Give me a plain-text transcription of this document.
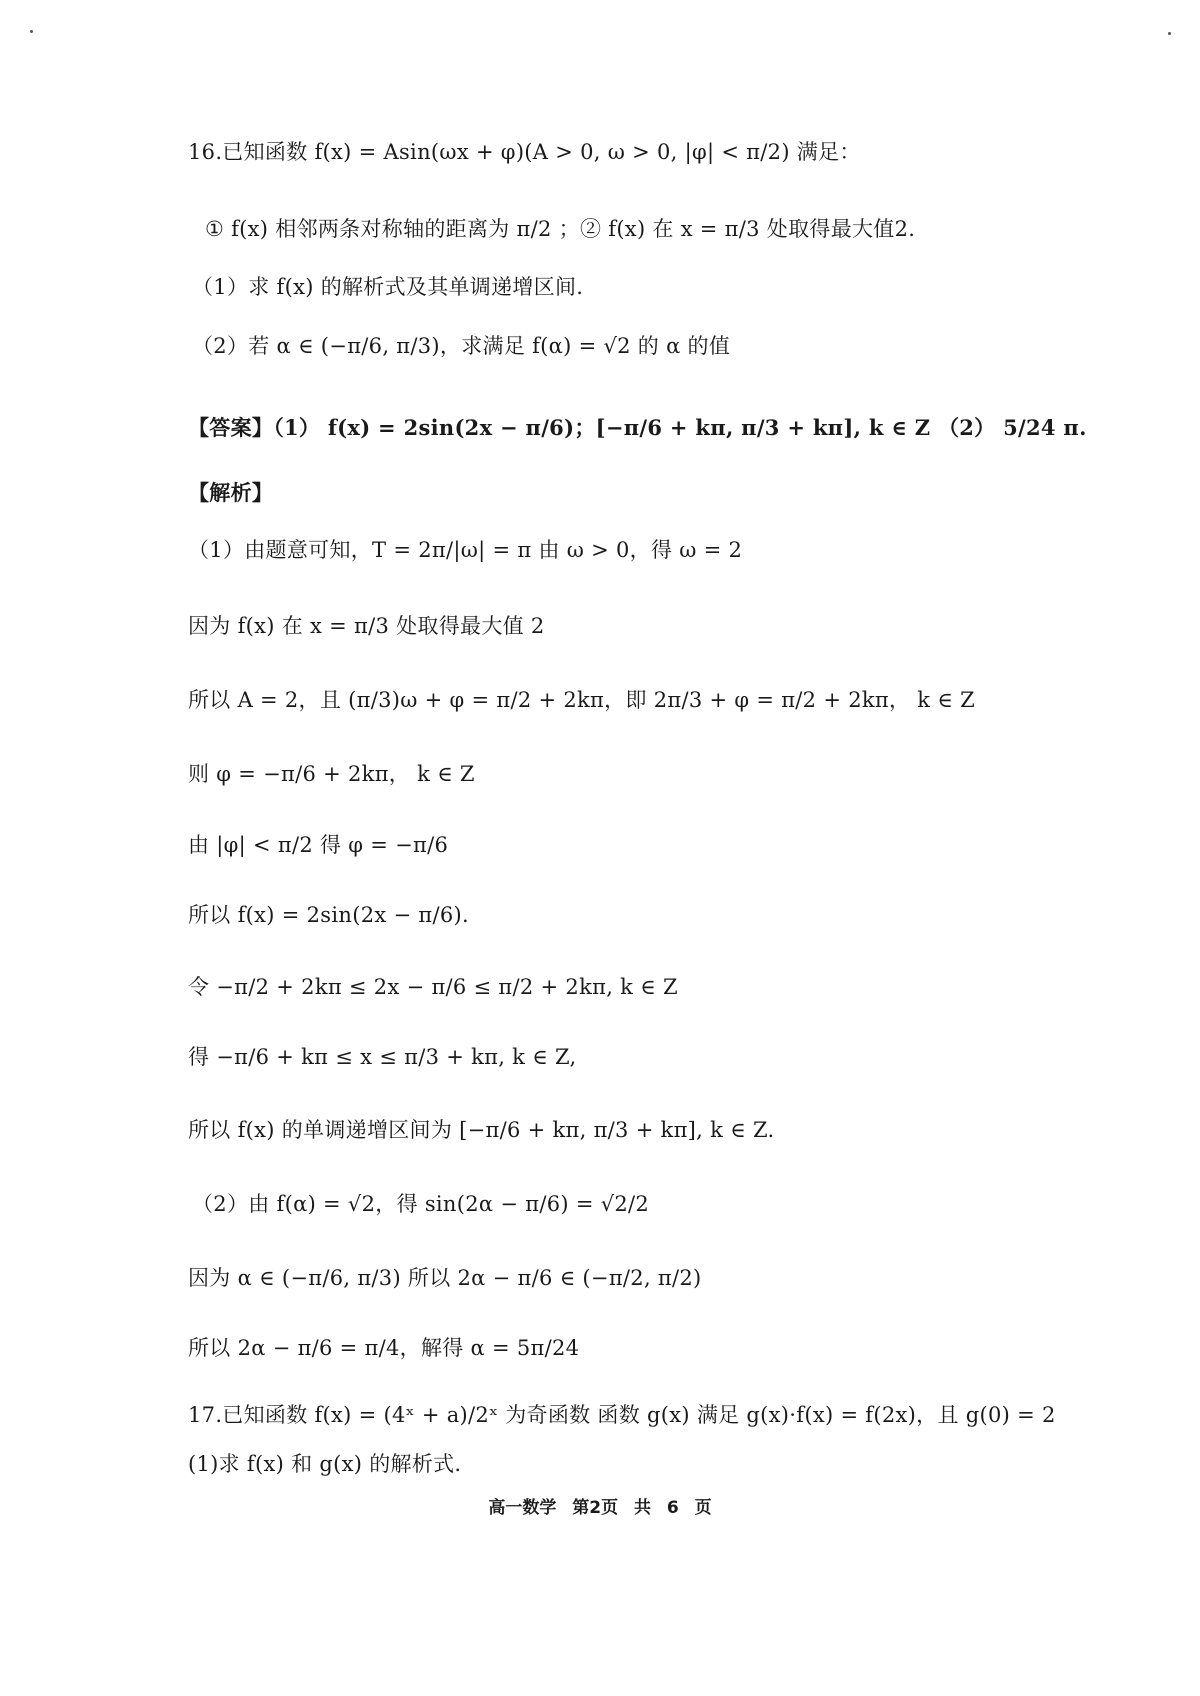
16.已知函数 f(x) = Asin(ωx + φ)(A > 0, ω > 0, |φ| < π/2) 满足：
① f(x) 相邻两条对称轴的距离为 π/2 ；② f(x) 在 x = π/3 处取得最大值2.
（1）求 f(x) 的解析式及其单调递增区间.
（2）若 α ∈ (−π/6, π/3)，求满足 f(α) = √2 的 α 的值
【答案】（1） f(x) = 2sin(2x − π/6)；[−π/6 + kπ, π/3 + kπ], k ∈ Z （2） 5/24 π.
【解析】
（1）由题意可知，T = 2π/|ω| = π 由 ω > 0，得 ω = 2
因为 f(x) 在 x = π/3 处取得最大值 2
所以 A = 2，且 (π/3)ω + φ = π/2 + 2kπ，即 2π/3 + φ = π/2 + 2kπ， k ∈ Z
则 φ = −π/6 + 2kπ， k ∈ Z
由 |φ| < π/2 得 φ = −π/6
所以 f(x) = 2sin(2x − π/6).
令 −π/2 + 2kπ ≤ 2x − π/6 ≤ π/2 + 2kπ, k ∈ Z
得 −π/6 + kπ ≤ x ≤ π/3 + kπ, k ∈ Z,
所以 f(x) 的单调递增区间为 [−π/6 + kπ, π/3 + kπ], k ∈ Z.
（2）由 f(α) = √2，得 sin(2α − π/6) = √2/2
因为 α ∈ (−π/6, π/3) 所以 2α − π/6 ∈ (−π/2, π/2)
所以 2α − π/6 = π/4，解得 α = 5π/24
17.已知函数 f(x) = (4ˣ + a)/2ˣ 为奇函数 函数 g(x) 满足 g(x)·f(x) = f(2x)，且 g(0) = 2
(1)求 f(x) 和 g(x) 的解析式.
高一数学 第2页 共 6 页
